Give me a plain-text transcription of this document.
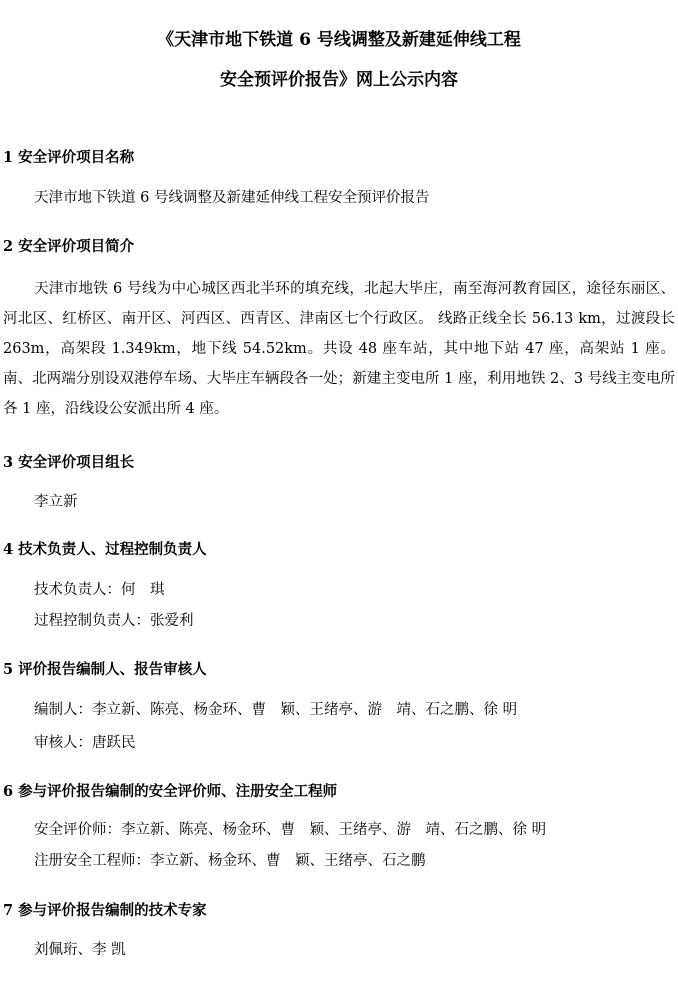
《天津市地下铁道 6 号线调整及新建延伸线工程
安全预评价报告》网上公示内容
1 安全评价项目名称
天津市地下铁道 6 号线调整及新建延伸线工程安全预评价报告
2 安全评价项目简介
天津市地铁 6 号线为中心城区西北半环的填充线，北起大毕庄，南至海河教育园区，途径东丽区、河北区、红桥区、南开区、河西区、西青区、津南区七个行政区。 线路正线全长 56.13 km，过渡段长 263m，高架段 1.349km，地下线 54.52km。共设 48 座车站，其中地下站 47 座，高架站 1 座。南、北两端分别设双港停车场、大毕庄车辆段各一处；新建主变电所 1 座，利用地铁 2、3 号线主变电所各 1 座，沿线设公安派出所 4 座。
3 安全评价项目组长
李立新
4 技术负责人、过程控制负责人
技术负责人：何　琪
过程控制负责人：张爱利
5 评价报告编制人、报告审核人
编制人：李立新、陈亮、杨金环、曹　颖、王绪亭、游　靖、石之鹏、徐 明
审核人：唐跃民
6 参与评价报告编制的安全评价师、注册安全工程师
安全评价师：李立新、陈亮、杨金环、曹　颖、王绪亭、游　靖、石之鹏、徐 明
注册安全工程师：李立新、杨金环、曹　颖、王绪亭、石之鹏
7 参与评价报告编制的技术专家
刘佩珩、李 凯
